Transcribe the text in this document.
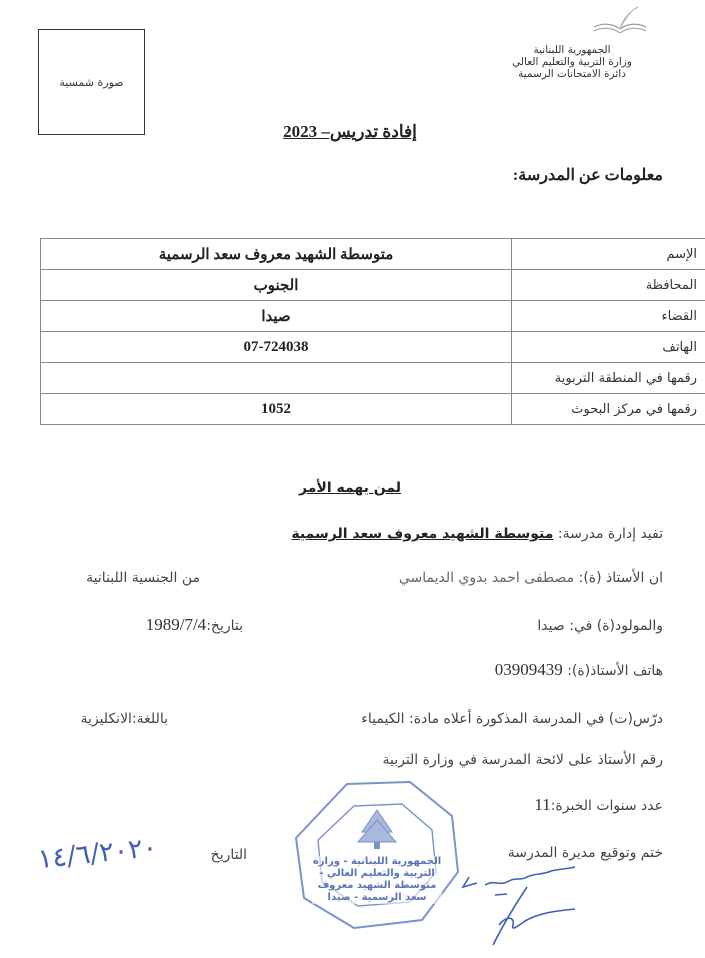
الجمهورية اللبنانية
وزارة التربية والتعليم العالي
دائرة الامتحانات الرسمية
صورة شمسية
إفادة تدريس– 2023
معلومات عن المدرسة:
الإسم	متوسطة الشهيد معروف سعد الرسمية
المحافظة	الجنوب
القضاء	صيدا
الهاتف	07-724038
رقمها في المنطقة التربوية	
رقمها في مركز البحوث	1052
لمن يهمه الأمر
تفيد إدارة مدرسة: متوسطة الشهيد معروف سعد الرسمية
ان الأستاذ (ة): مصطفى احمد بدوي الديماسي
من الجنسية اللبنانية
والمولود(ة) في: صيدا
بتاريخ:1989/7/4
هاتف الأستاذ(ة): 03909439
درّس(ت) في المدرسة المذكورة أعلاه مادة: الكيمياء
باللغة:الانكليزية
رقم الأستاذ على لائحة المدرسة في وزارة التربية
عدد سنوات الخبرة:11
ختم وتوقيع مديرة المدرسة
التاريخ
١٤/٦/٢٠٢٠	الجمهورية اللبنانية - وزارة التربية والتعليم العالي - متوسطة الشهيد معروف سعد الرسمية - صيدا
